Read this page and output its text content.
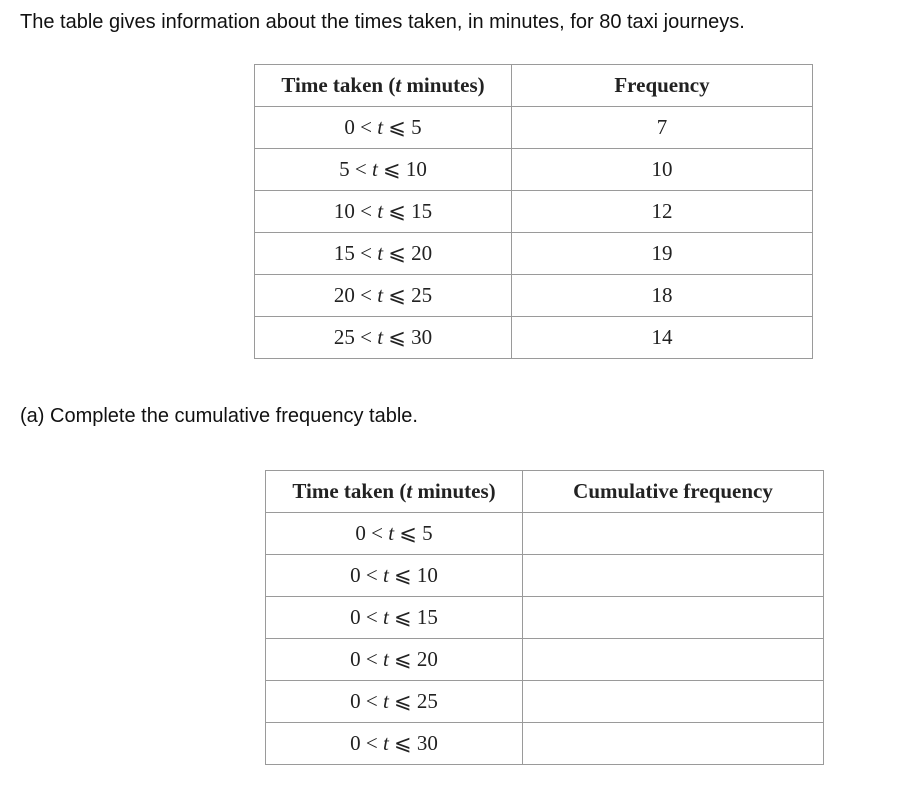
The table gives information about the times taken, in minutes, for 80 taxi journeys.
Time taken (t minutes)	Frequency
0 < t ⩽ 5	7
5 < t ⩽ 10	10
10 < t ⩽ 15	12
15 < t ⩽ 20	19
20 < t ⩽ 25	18
25 < t ⩽ 30	14
(a) Complete the cumulative frequency table.
Time taken (t minutes)	Cumulative frequency
0 < t ⩽ 5	
0 < t ⩽ 10	
0 < t ⩽ 15	
0 < t ⩽ 20	
0 < t ⩽ 25	
0 < t ⩽ 30	
